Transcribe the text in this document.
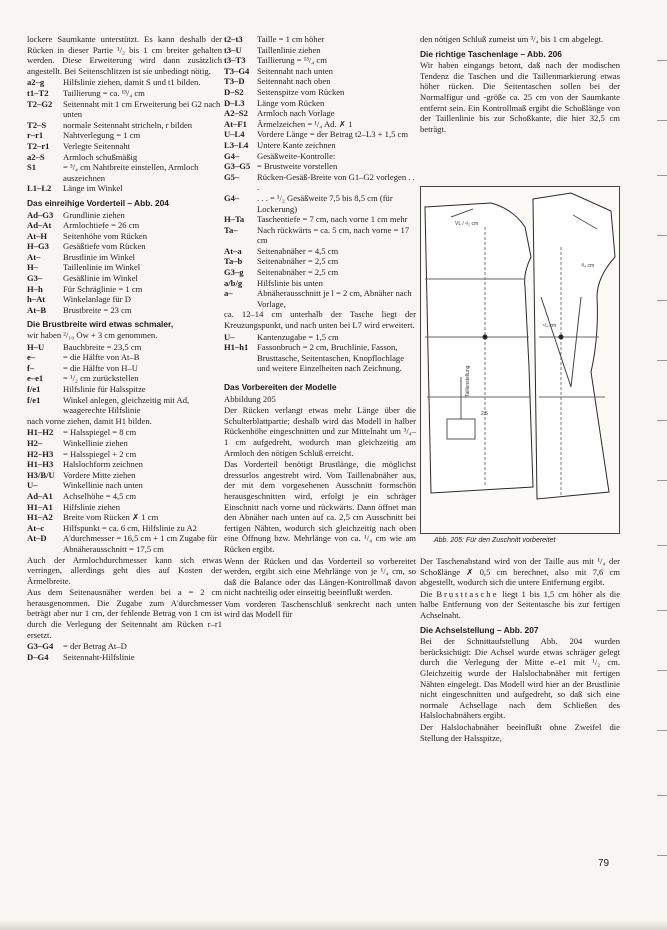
lockere Saumkante unterstützt. Es kann deshalb der Rücken in dieser Partie ¹/₂ bis 1 cm breiter gehalten werden. Diese Erweiterung wird dann zusätzlich angestellt. Bei Seitenschlitzen ist sie unbedingt nötig.

a2–g	Hilfslinie ziehen, damit S und t1 bilden.
t1–T2	Taillierung = ca. ¹³/₄ cm
T2–G2	Seitennaht mit 1 cm Erweiterung bei G2 nach unten
T2–S	normale Seitennaht stricheln, r bilden
r–r1	Nahtverlegung = 1 cm
T2–r1	Verlegte Seitennaht
a2–S	Armloch schußmäßig
S1	= ³/₄ cm Nahtbreite einstellen, Armloch auszeichnen
L1–L2	Länge im Winkel
Das einreihige Vorderteil – Abb. 204
Ad–G3	Grundlinie ziehen
Ad–At	Armlochtiefe = 26 cm
At–H	Seitenhöhe vom Rücken
H–G3	Gesäßtiefe vom Rücken
At–	Brustlinie im Winkel
H–	Taillenlinie im Winkel
G3–	Gesäßlinie im Winkel
H–h	Für Schräglinie = 1 cm
h–At	Winkelanlage für D
At–B	Brustbreite = 23 cm
Die Brustbreite wird etwas schmaler,

wir haben ²/₁₀ Ow + 3 cm genommen.

H–U	Bauchbreite = 23,5 cm
e–	= die Hälfte von At–B
f–	= die Hälfte von H–U
e–e1	= ¹/₂ cm zurückstellen
f/e1	Hilfslinie für Halsspitze
f/e1	Winkel anlegen, gleichzeitig mit Ad, waagerechte Hilfslinie

nach vorne ziehen, damit H1 bilden.

H1–H2	= Halsspiegel = 8 cm
H2–	Winkellinie ziehen
H2–H3	= Halsspiegel + 2 cm
H1–H3	Halslochform zeichnen
H3/B/U Vordere Mitte ziehen
U–	Winkellinie nach unten
Ad–A1	Achselhöhe = 4,5 cm
H1–A1	Hilfslinie ziehen
H1–A2	Breite vom Rücken ✗ 1 cm
At–c	Hilfspunkt = ca. 6 cm, Hilfslinie zu A2
At–D	A'durchmesser = 16,5 cm + 1 cm Zugabe für Abnäherausschnitt = 17,5 cm

Auch der Armlochdurchmesser kann sich etwas verringen, allerdings geht dies auf Kosten der Ärmelbreite.

Aus dem Seitenausnäher werden bei a = 2 cm herausgenommen. Die Zugabe zum A'durchmesser beträgt aber nur 1 cm, der fehlende Betrag von 1 cm ist durch die Verlegung der Seitennaht am Rücken r–r1 ersetzt.

G3–G4	= der Betrag At–D
D–G4	Seitennaht-Hilfslinie
t2–t3	Taille = 1 cm höher
t3–U	Taillenlinie ziehen
t3–T3	Taillierung = ¹³/₄ cm
T3–G4 Seitennaht nach unten
T3–D	Seitennaht nach oben
D–S2	Seitenspitze vom Rücken
D–L3	Länge vom Rücken
A2–S2	Armloch nach Vorlage
At–F1	Ärmelzeichen = ¹/₄ Ad. ✗ 1
U–L4	Vordere Länge = der Betrag t2–L3 + 1,5 cm
L3–L4	Untere Kante zeichnen
G4–	Gesäßweite-Kontrolle:
G3–G5 = Brustweite vorstellen
G5–	Rücken-Gesäß-Breite von G1–G2 vorlegen . . .
G4–	. . . = ¹/₂ Gesäßweite 7,5 bis 8,5 cm (für Lockerung)
H–Ta	Taschentiefe = 7 cm, nach vorne 1 cm mehr
Ta–	Nach rückwärts = ca. 5 cm, nach vorne = 17 cm
At–a	Seitenabnäher = 4,5 cm
Ta–b	Seitenabnäher = 2,5 cm
G3–g	Seitenabnäher = 2,5 cm
a/b/g	Hilfslinie bis unten
a–	Abnäherausschnitt je l = 2 cm, Abnäher nach Vorlage,

ca. 12–14 cm unterhalb der Tasche liegt der Kreuzungspunkt, und nach unten bei L7 wird erweitert.

U–	Kantenzugabe = 1,5 cm
H1–h1	Fassonbruch = 2 cm, Bruchlinie, Fasson, Brusttasche, Seitentaschen, Knopflochlage und weitere Einzelheiten nach Zeichnung.
Das Vorbereiten der Modelle

Abbildung 205

Der Rücken verlangt etwas mehr Länge über die Schulterblattpartie; deshalb wird das Modell in halber Rückenhöhe eingeschnitten und zur Mittelnaht um ³/₄–1 cm aufgedreht, wodurch man gleichzeitig am Armloch den nötigen Schluß erreicht.

Das Vorderteil benötigt Brustlänge, die möglichst dressurlos angestrebt wird. Vom Taillenabnäher aus, der mit dem vorgesehenen Ausschnitt formschön herausgeschnitten wird, erfolgt je ein schräger Einschnitt nach vorne und rückwärts. Dann öffnet man den Abnäher nach unten auf ca. 2,5 cm Ausschnitt bei fertigen Nähten, wodurch sich gleichzeitig nach oben eine Öffnung bzw. Mehrlänge von ca. ¹/₄ cm wie am Rücken ergibt.

Wenn der Rücken und das Vorderteil so vorbereitet werden, ergibt sich eine Mehrlänge von je ¹/₄ cm, so daß die Balance oder das Längen-Kontrollmaß davon nicht nachteilig oder einseitig beeinflußt werden.

Vom vorderen Taschenschluß senkrecht nach unten wird das Modell für

den nötigen Schluß zumeist um ³/₄ bis 1 cm abgelegt.

Die richtige Taschenlage – Abb. 206

Wir haben eingangs betont, daß nach der modischen Tendenz die Taschen und die Taillenmarkierung etwas höher rücken. Die Seitentaschen sollen bei der Normalfigur und -größe ca. 25 cm von der Saumkante entfernt sein. Ein Kontrollmaß ergibt die Schoßlänge von der Taillenlinie bis zur Schoßkante, die hier 32,5 cm beträgt.

VL / ¹/₂ cm
³/₄ cm
¹/₄ cm
Taillenstellung
2,5
Abb. 205: Für den Zuschnitt vorbereitet

Der Taschenabstand wird von der Taille aus mit ¹/₄ der Schoßlänge ✗ 0,5 cm berechnet, also mit 7,6 cm abgestellt, wodurch sich die untere Entfernung ergibt.

Die Brusttasche liegt 1 bis 1,5 cm höher als die halbe Entfernung von der Seitentasche bis zur fertigen Achselnaht.

Die Achselstellung – Abb. 207

Bei der Schnittaufstellung Abb. 204 wurden berücksichtigt: Die Achsel wurde etwas schräger gelegt durch die Verlegung der Mitte e–e1 mit ¹/₂ cm. Gleichzeitig wurde der Halslochabnäher mit fertigen Nähten eingelegt. Das Modell wird hier an der Brustlinie nicht eingeschnitten und aufgedreht, so daß sich eine normale Achsellage nach dem Schließen des Halslochabnähers ergibt.

Der Halslochabnäher beeinflußt ohne Zweifel die Stellung der Halsspitze,

79
